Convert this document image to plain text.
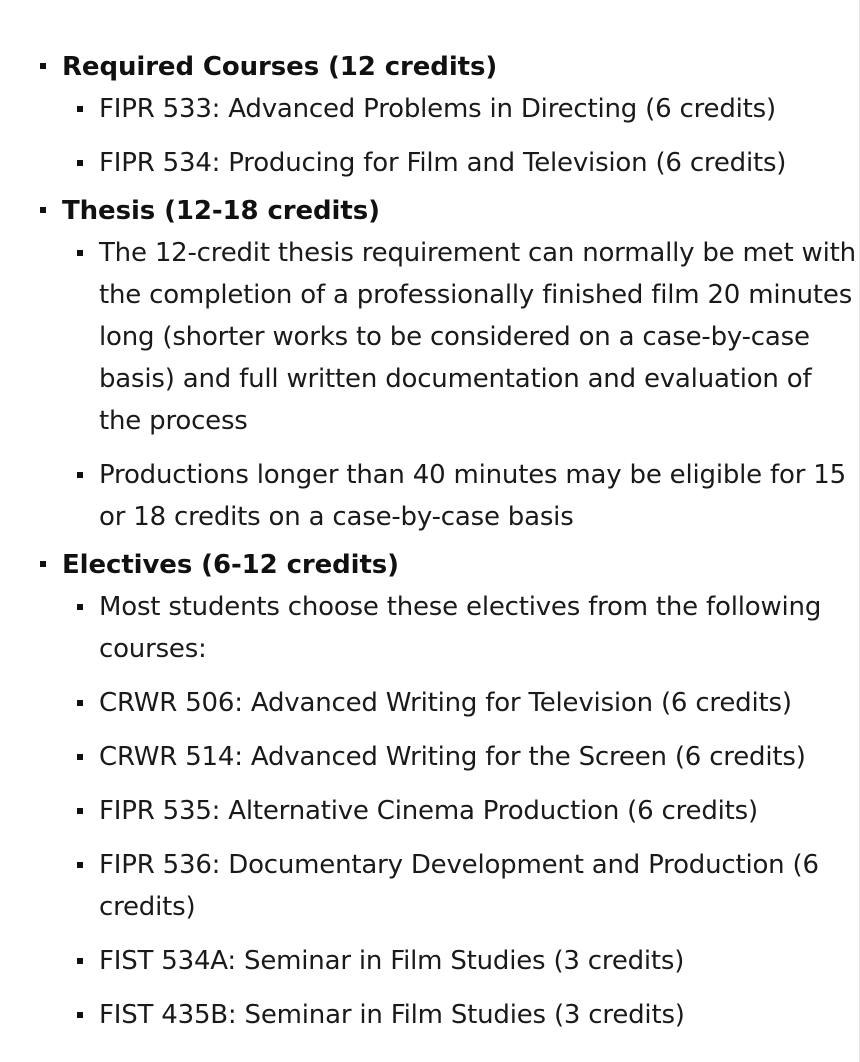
Required Courses (12 credits)
FIPR 533: Advanced Problems in Directing (6 credits)
FIPR 534: Producing for Film and Television (6 credits)
Thesis (12-18 credits)
The 12-credit thesis requirement can normally be met with the completion of a professionally finished film 20 minutes long (shorter works to be considered on a case-by-case basis) and full written documentation and evaluation of the process
Productions longer than 40 minutes may be eligible for 15 or 18 credits on a case-by-case basis
Electives (6-12 credits)
Most students choose these electives from the following courses:
CRWR 506: Advanced Writing for Television (6 credits)
CRWR 514: Advanced Writing for the Screen (6 credits)
FIPR 535: Alternative Cinema Production (6 credits)
FIPR 536: Documentary Development and Production (6 credits)
FIST 534A: Seminar in Film Studies (3 credits)
FIST 435B: Seminar in Film Studies (3 credits)
